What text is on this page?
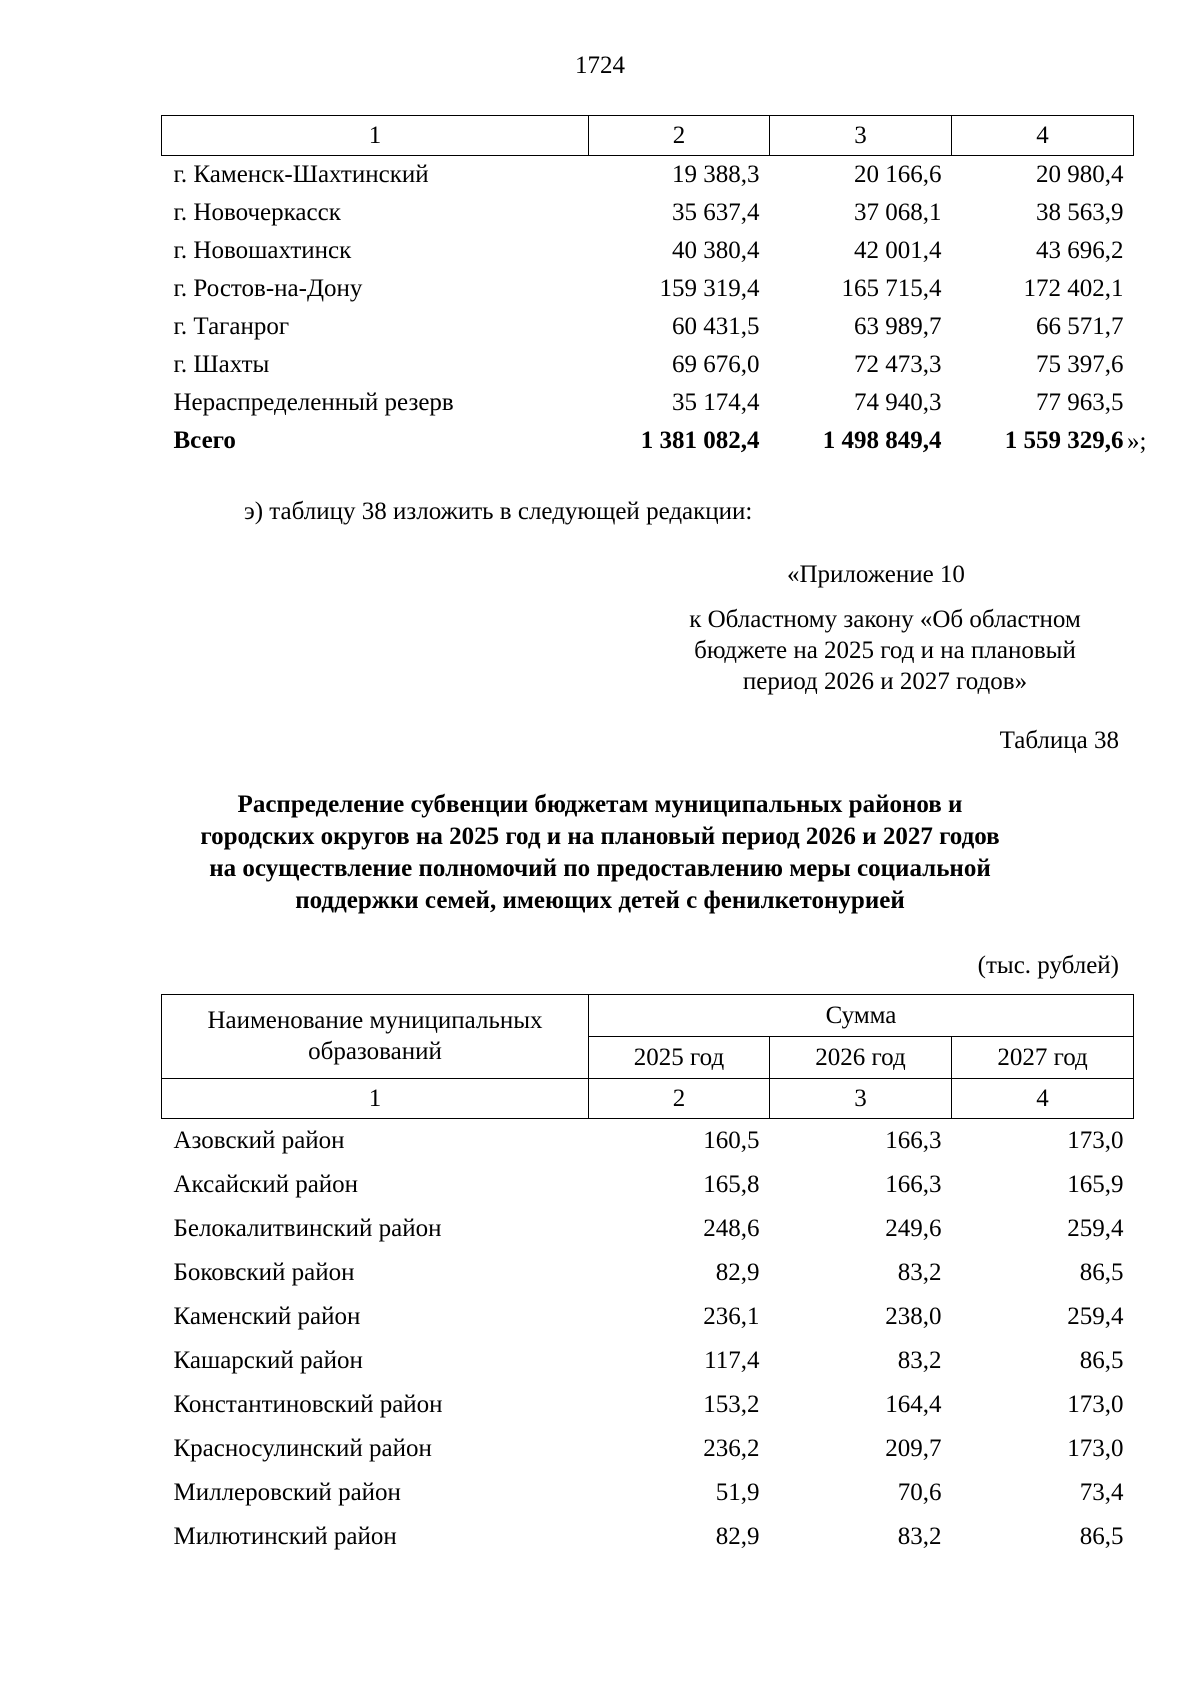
1724
1	2	3	4
г. Каменск-Шахтинский	19 388,3	20 166,6	20 980,4
г. Новочеркасск	35 637,4	37 068,1	38 563,9
г. Новошахтинск	40 380,4	42 001,4	43 696,2
г. Ростов-на-Дону	159 319,4	165 715,4	172 402,1
г. Таганрог	60 431,5	63 989,7	66 571,7
г. Шахты	69 676,0	72 473,3	75 397,6
Нераспределенный резерв	35 174,4	74 940,3	77 963,5
Всего	1 381 082,4	1 498 849,4	1 559 329,6 »;
э) таблицу 38 изложить в следующей редакции:
«Приложение 10
к Областному закону «Об областном
бюджете на 2025 год и на плановый
период 2026 и 2027 годов»
Таблица 38
Распределение субвенции бюджетам муниципальных районов и
городских округов на 2025 год и на плановый период 2026 и 2027 годов
на осуществление полномочий по предоставлению меры социальной
поддержки семей, имеющих детей с фенилкетонурией
(тыс. рублей)
Наименование муниципальных
образований	Сумма		
	2025 год	2026 год	2027 год
1	2	3	4
Азовский район	160,5	166,3	173,0
Аксайский район	165,8	166,3	165,9
Белокалитвинский район	248,6	249,6	259,4
Боковский район	82,9	83,2	86,5
Каменский район	236,1	238,0	259,4
Кашарский район	117,4	83,2	86,5
Константиновский район	153,2	164,4	173,0
Красносулинский район	236,2	209,7	173,0
Миллеровский район	51,9	70,6	73,4
Милютинский район	82,9	83,2	86,5
